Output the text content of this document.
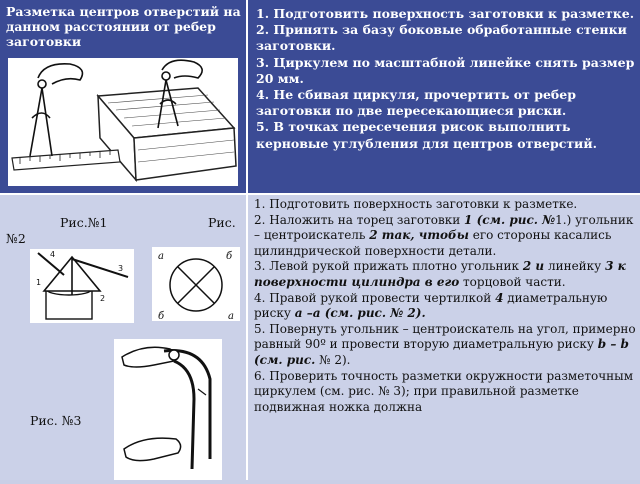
Разметка центров отверстий на данном расстоянии от ребер заготовки
1. Подготовить поверхность заготовки к разметке.
2. Принять за базу боковые обработанные стенки заготовки.
3. Циркулем по масштабной линейке снять размер 20 мм.
4. Не сбивая циркуля, прочертить от ребер заготовки по две пересекающиеся риски.
5. В точках пересечения рисок выполнить керновые углубления для центров отверстий.
Рис.№1
№2
Рис.
1
2
3
4	а
а
б
б
Рис. №3

1. Подготовить поверхность заготовки к разметке.

2. Наложить на торец заготовки 1 (см. рис. №1.) угольник – центроискатель 2 так, чтобы его стороны касались цилиндрической поверхности детали.

3. Левой рукой прижать плотно угольник 2 и линейку 3 к поверхности цилиндра в его торцовой части.

4. Правой рукой провести чертилкой 4 диаметральную риску а –а (см. рис. № 2).

5. Повернуть угольник – центроискатель на угол, примерно равный 90º и провести вторую диаметральную риску b – b (см. рис. № 2).

6. Проверить точность разметки окружности разметочным циркулем (см. рис. № 3); при правильной разметке подвижная ножка должна
